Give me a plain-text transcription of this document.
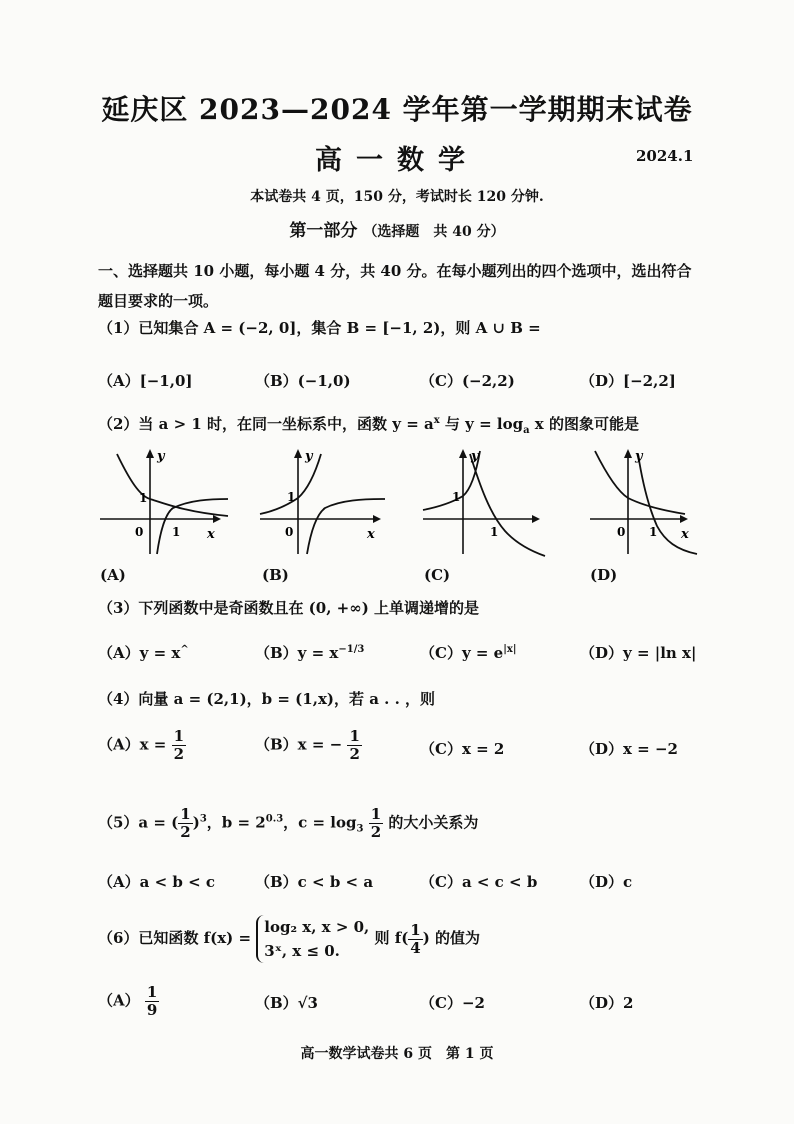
延庆区 2023—2024 学年第一学期期末试卷
高一数学	2024.1
本试卷共 4 页，150 分，考试时长 120 分钟.
第一部分 （选择题　共 40 分）
一、选择题共 10 小题，每小题 4 分，共 40 分。在每小题列出的四个选项中，选出符合题目要求的一项。
（1）已知集合 A = (−2, 0]，集合 B = [−1, 2)，则 A ∪ B =
（A）[−1,0]	（B）(−1,0)	（C）(−2,2)	（D）[−2,2]
（2）当 a > 1 时，在同一坐标系中，函数 $y = a^x$ 与 $y = \log_a x$ 的图象可能是
y
x
0 1
1
y
x
0
1
y
1
1
y
x
0 1
(A)	(B)	(C)	(D)
（3）下列函数中是奇函数且在 (0, +∞) 上单调递增的是
（A）y = x^	$(B)y = x^{-1/3}$	$(C)y = e^{|x|}$	（D）y = |ln x|
（4）向量 a = (2,1)，b = (1,x)，若 a . . ，则
$(A)x = \frac{1}{2}$	（B）x = − $\frac{1}{2}$	（C）x = 2	（D）x = −2
（5）a = ( $\frac{1}{2} )^3$，$b = 2^{0.3}$，$c = \log_3 \frac{1}{2}$ 的大小关系为
（A）a < b < c	（B）c < b < a	（C）a < c < b	（D）c
（6）已知函数 f(x) =
log₂ x, x > 0,
3ˣ, x ≤ 0.
则 $f( \frac{1}{4}$ ) 的值为
$(A) \frac{1}{9}$	（B）√3	（C）−2	（D）2
高一数学试卷共 6 页　第 1 页
